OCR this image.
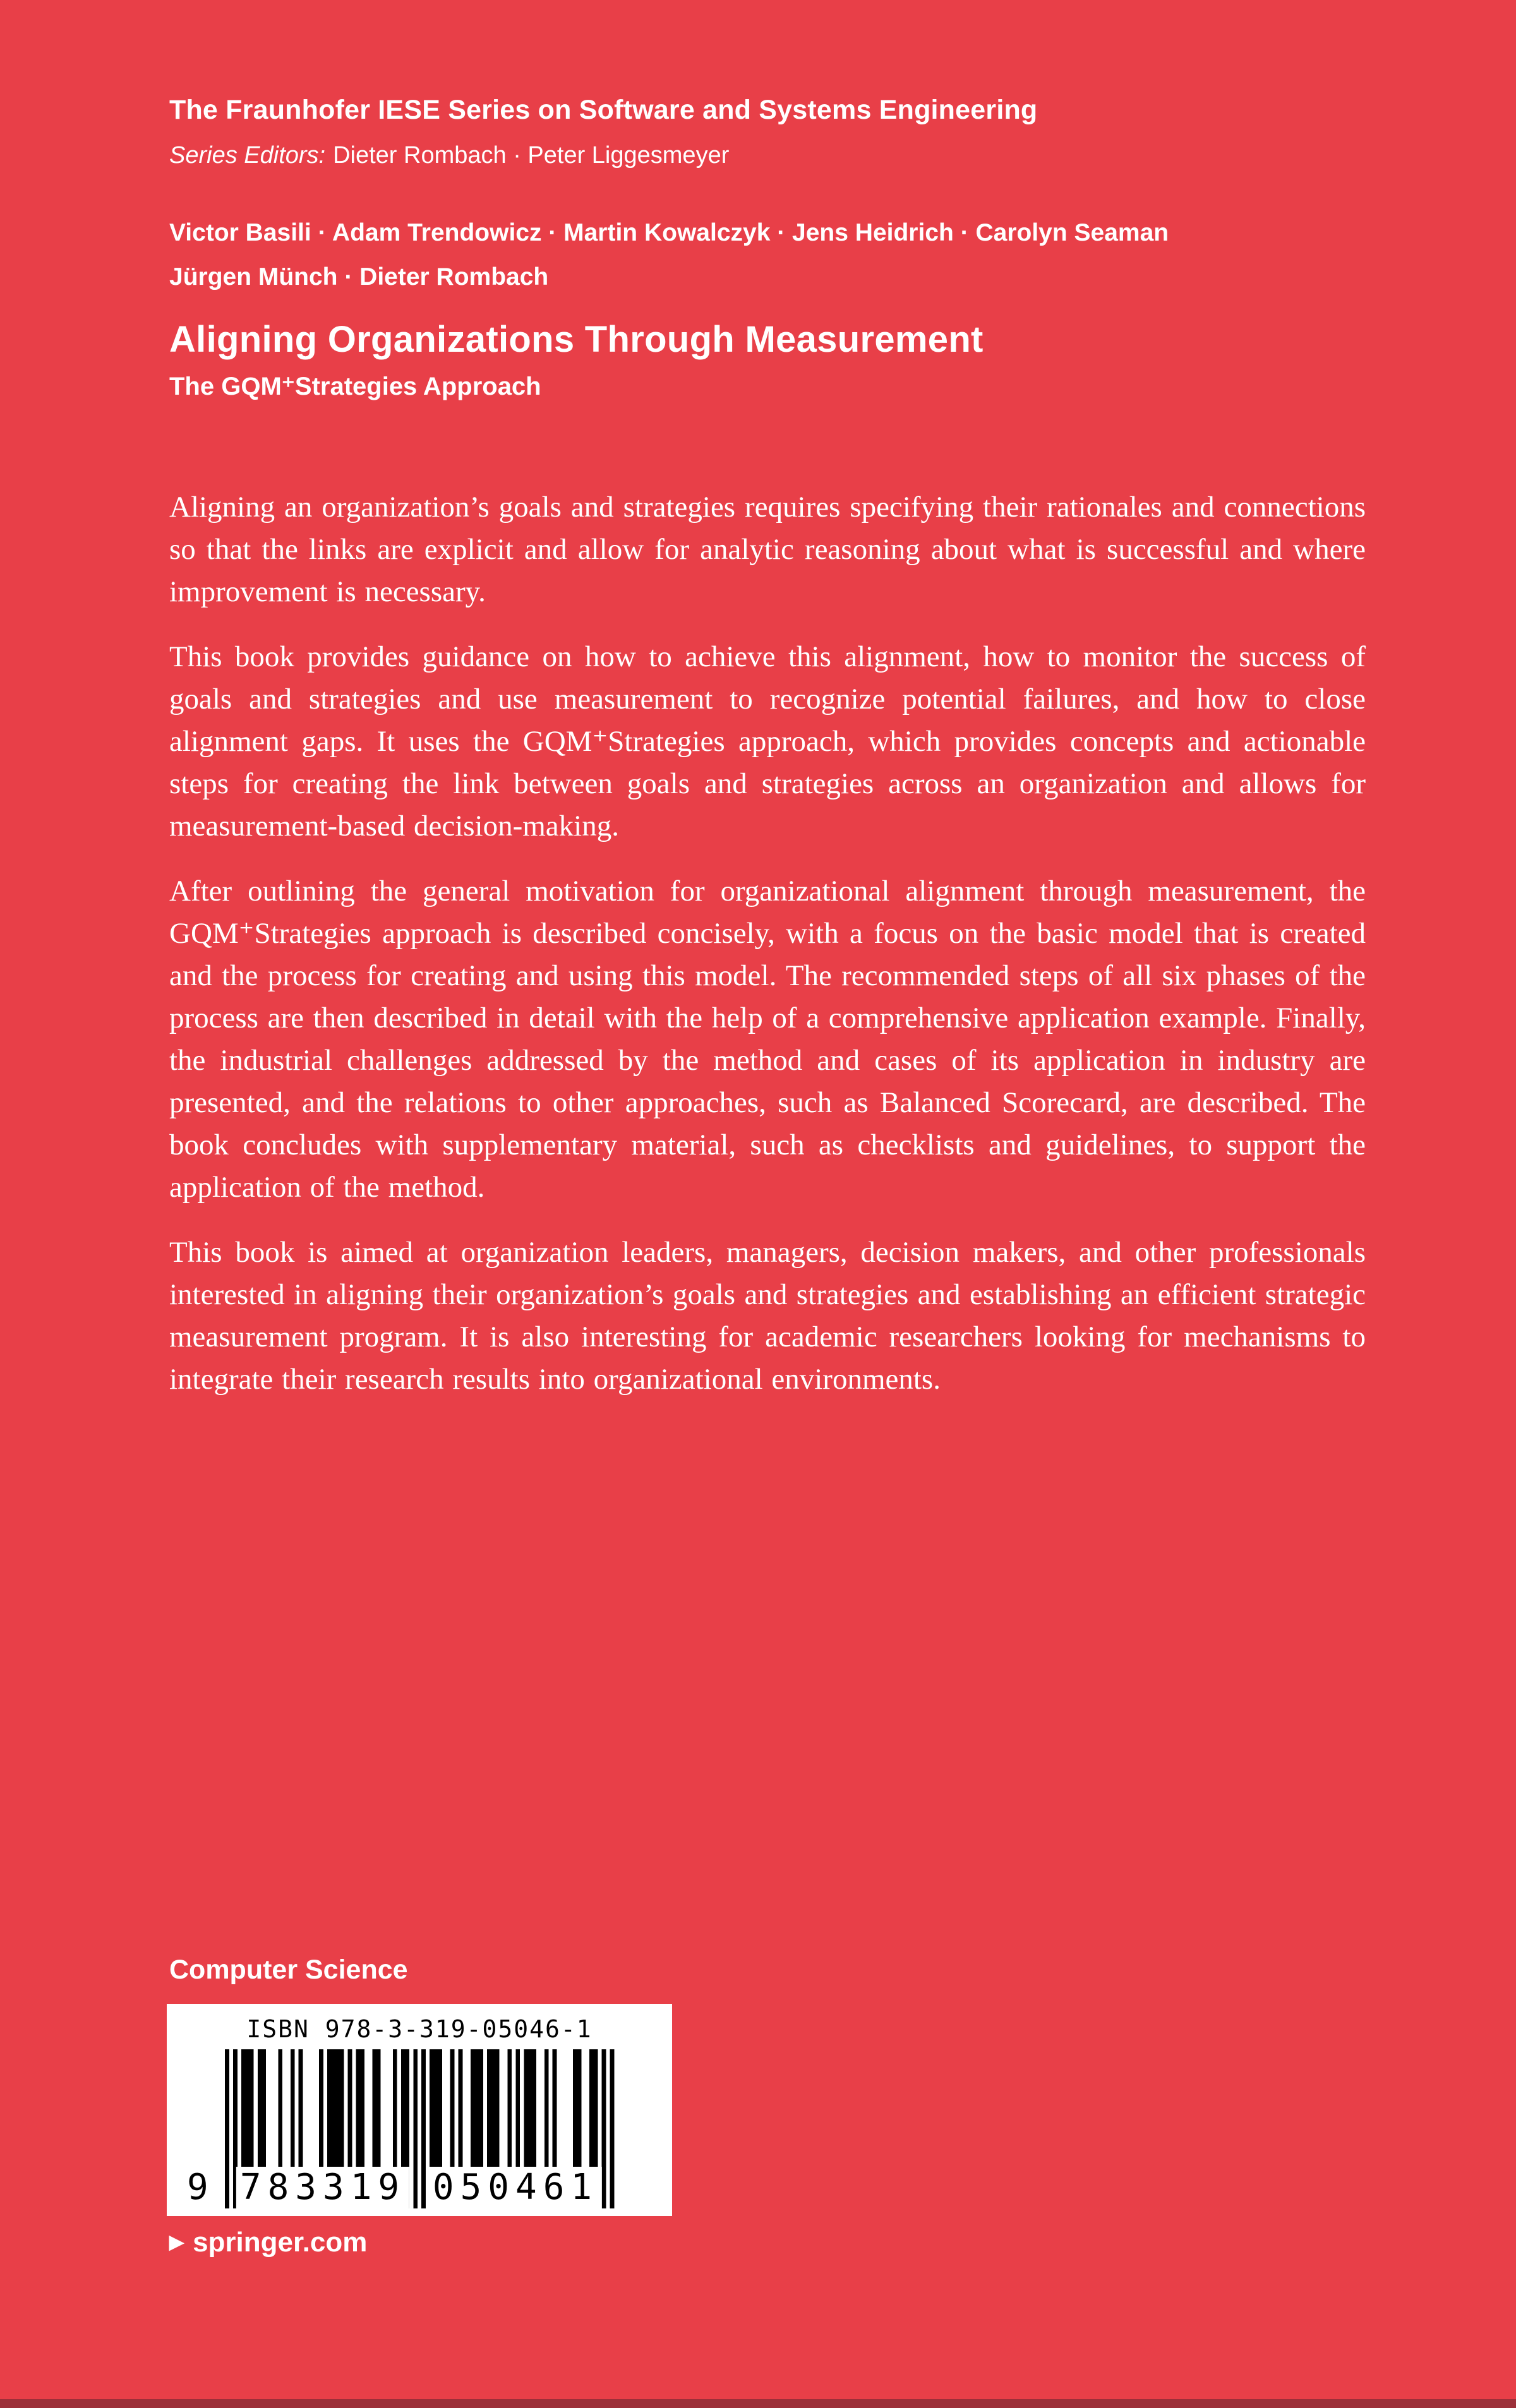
The Fraunhofer IESE Series on Software and Systems Engineering
Series Editors: Dieter Rombach · Peter Liggesmeyer
Victor Basili · Adam Trendowicz · Martin Kowalczyk · Jens Heidrich · Carolyn Seaman
Jürgen Münch · Dieter Rombach
Aligning Organizations Through Measurement
The GQM⁺Strategies Approach

Aligning an organization’s goals and strategies requires specifying their rationales and connections so that the links are explicit and allow for analytic reasoning about what is successful and where improvement is necessary.

This book provides guidance on how to achieve this alignment, how to monitor the success of goals and strategies and use measurement to recognize potential failures, and how to close alignment gaps. It uses the GQM⁺Strategies approach, which provides concepts and actionable steps for creating the link between goals and strategies across an organization and allows for measurement-based decision-making.

After outlining the general motivation for organizational alignment through measurement, the GQM⁺Strategies approach is described concisely, with a focus on the basic model that is created and the process for creating and using this model. The recommended steps of all six phases of the process are then described in detail with the help of a comprehensive application example. Finally, the industrial challenges addressed by the method and cases of its application in industry are presented, and the relations to other approaches, such as Balanced Scorecard, are described. The book concludes with supplementary material, such as checklists and guidelines, to support the application of the method.

This book is aimed at organization leaders, managers, decision makers, and other professionals interested in aligning their organization’s goals and strategies and establishing an efficient strategic measurement program. It is also interesting for academic researchers looking for mechanisms to integrate their research results into organizational environments.

Computer Science
ISBN 978-3-319-05046-1
9 783319 050461
▶ springer.com
